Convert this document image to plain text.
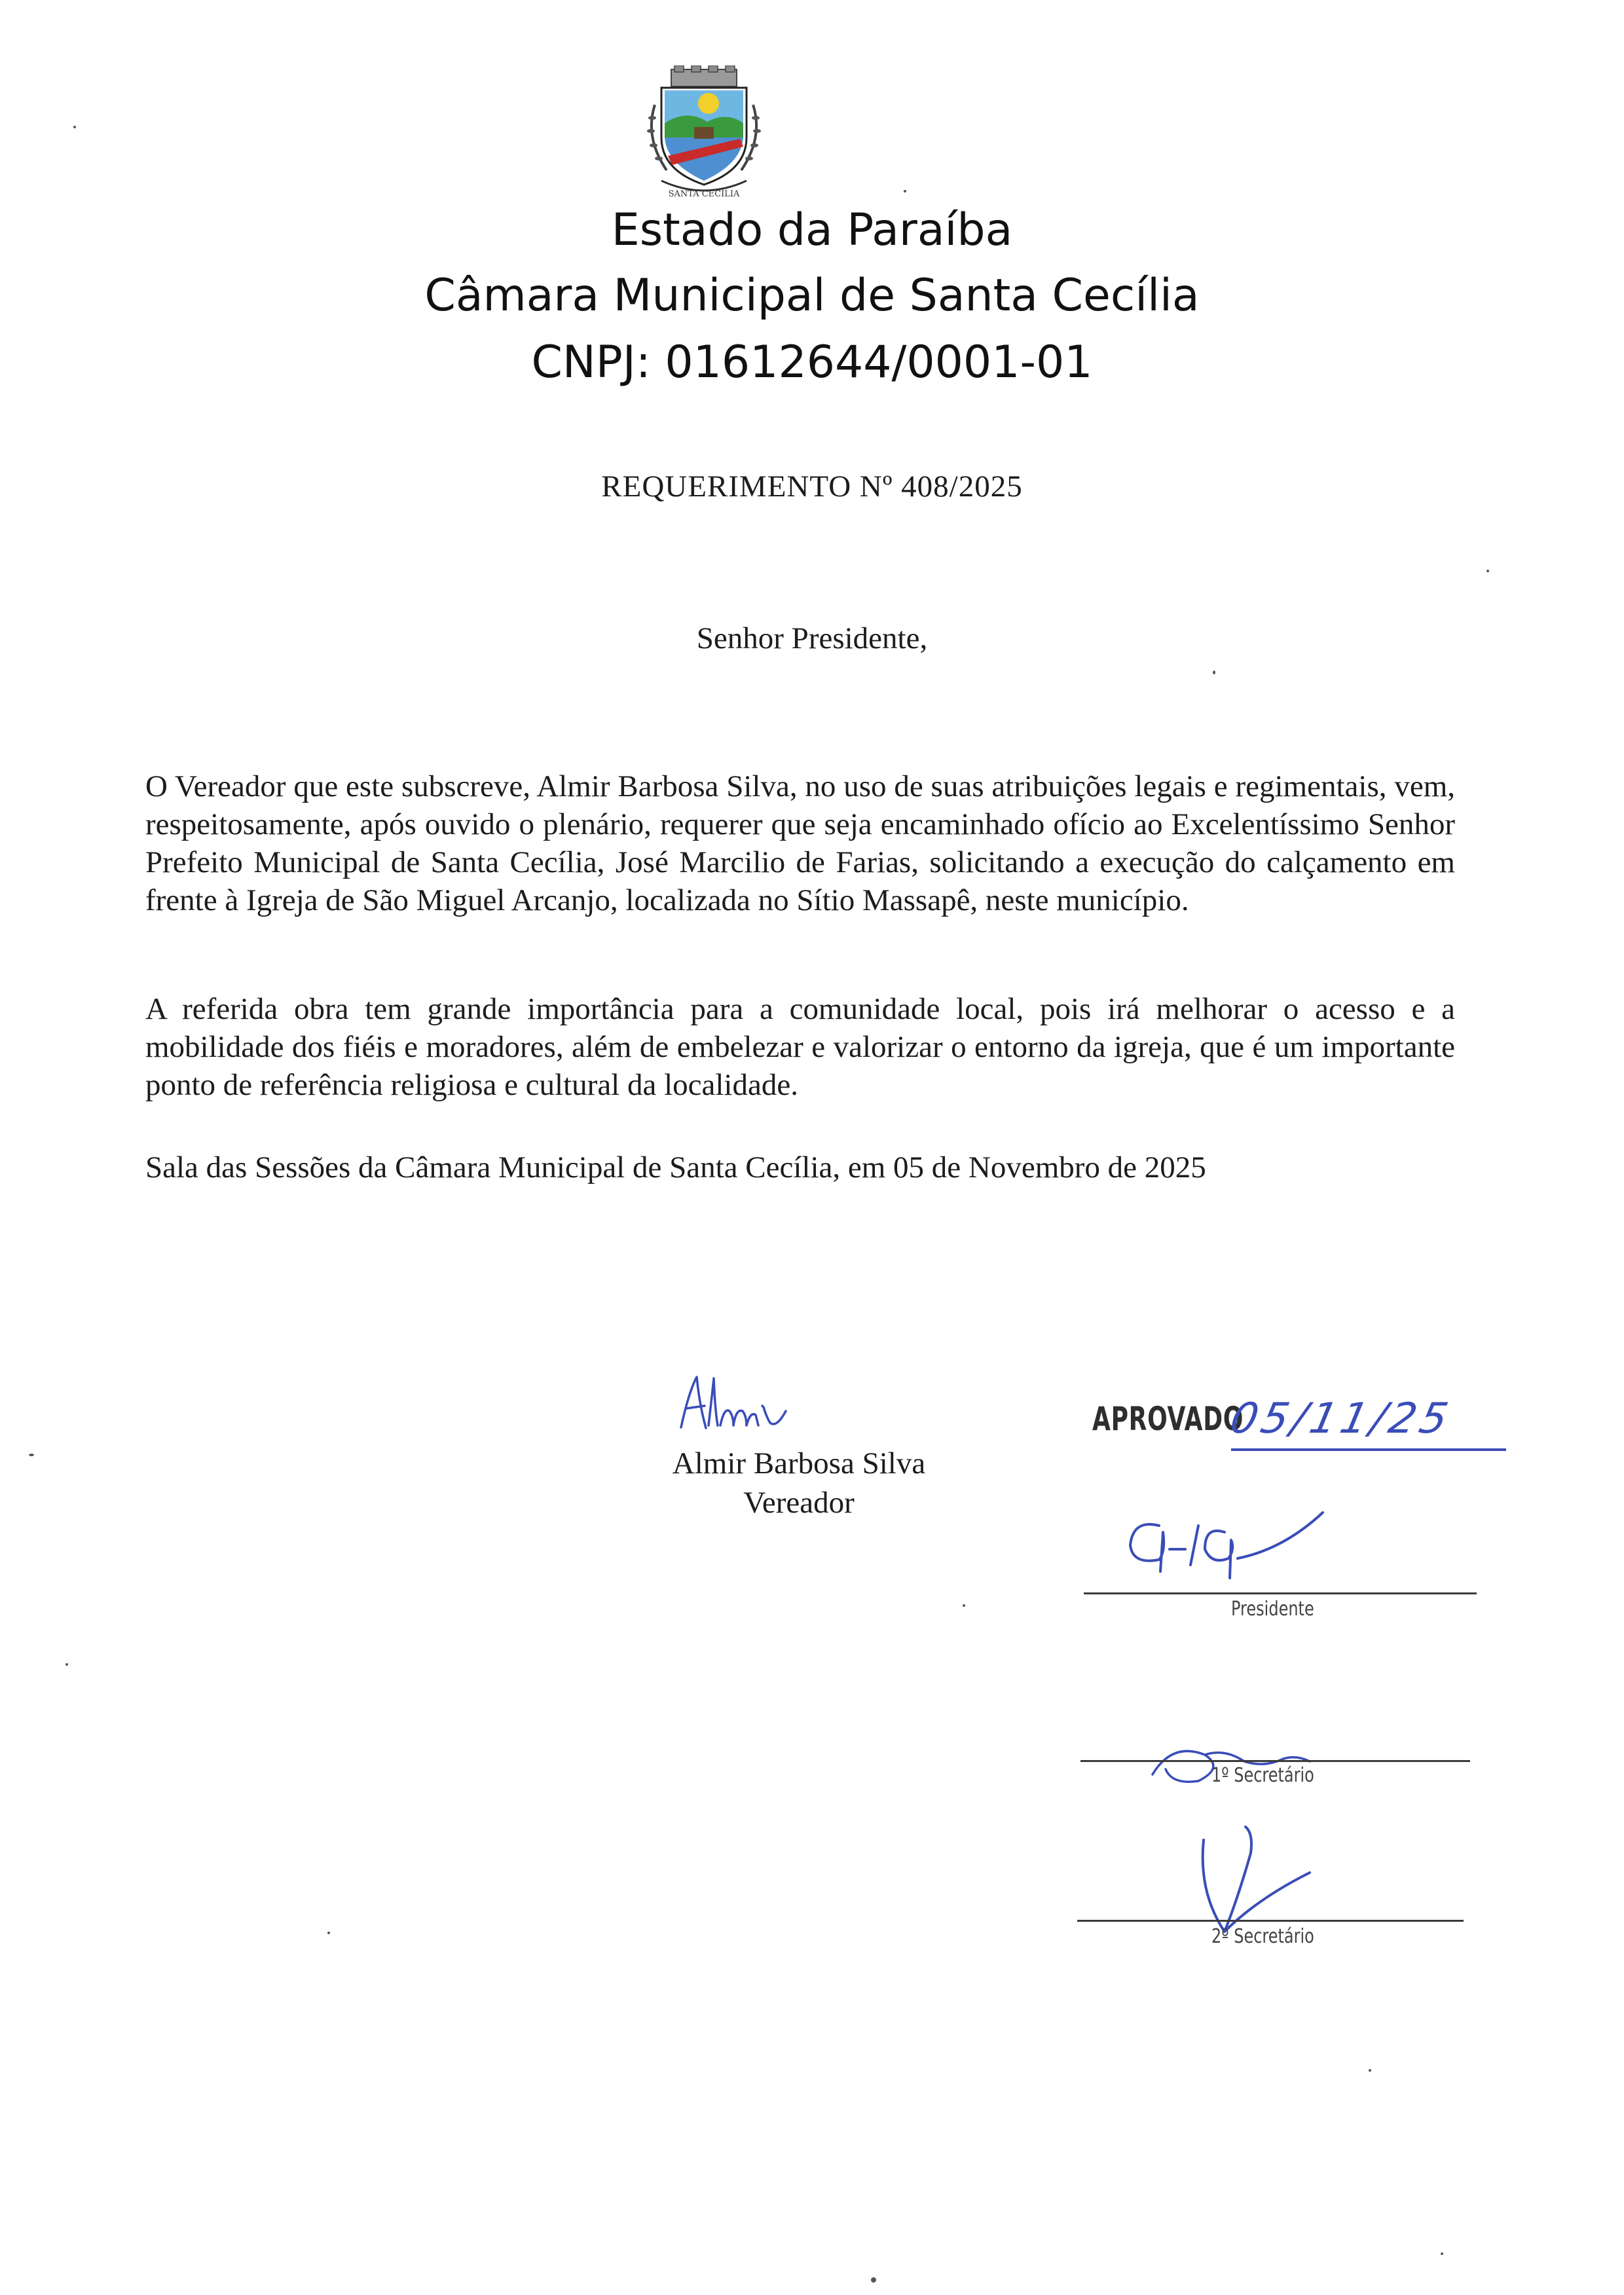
SANTA CECÍLIA
Estado da Paraíba
Câmara Municipal de Santa Cecília
CNPJ: 01612644/0001-01
REQUERIMENTO Nº 408/2025
Senhor Presidente,
O Vereador que este subscreve, Almir Barbosa Silva, no uso de suas atribuições legais e regimentais, vem, respeitosamente, após ouvido o plenário, requerer que seja encaminhado ofício ao Excelentíssimo Senhor Prefeito Municipal de Santa Cecília, José Marcilio de Farias, solicitando a execução do calçamento em frente à Igreja de São Miguel Arcanjo, localizada no Sítio Massapê, neste município.
A referida obra tem grande importância para a comunidade local, pois irá melhorar o acesso e a mobilidade dos fiéis e moradores, além de embelezar e valorizar o entorno da igreja, que é um importante ponto de referência religiosa e cultural da localidade.
Sala das Sessões da Câmara Municipal de Santa Cecília, em 05 de Novembro de 2025
Almir Barbosa Silva
Vereador
APROVADO
05/11/25
Presidente
1º Secretário
2º Secretário
